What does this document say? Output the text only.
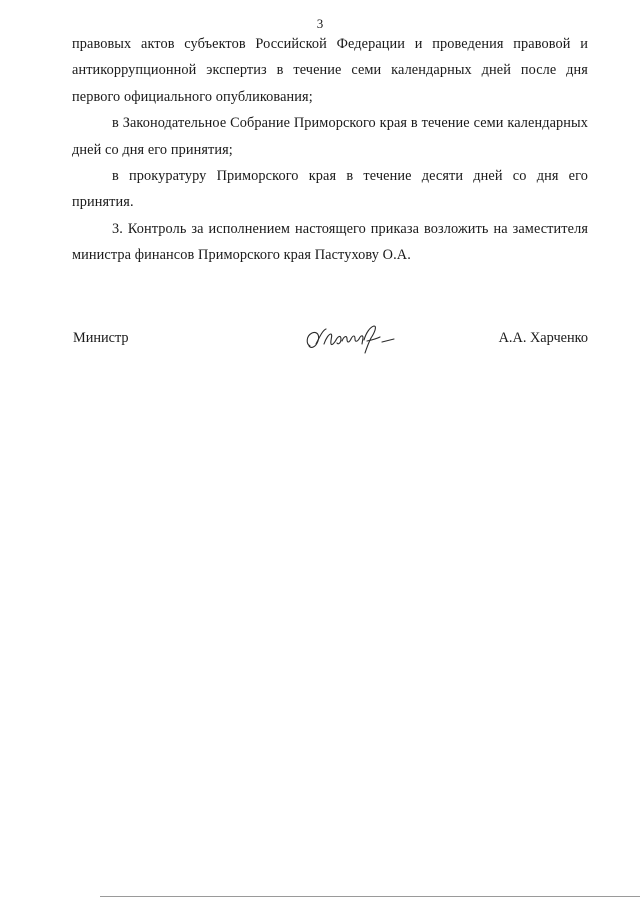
3

правовых актов субъектов Российской Федерации и проведения правовой и антикоррупционной экспертиз в течение семи календарных дней после дня первого официального опубликования;

в Законодательное Собрание Приморского края в течение семи календарных дней со дня его принятия;

в прокуратуру Приморского края в течение десяти дней со дня его принятия.

3. Контроль за исполнением настоящего приказа возложить на заместителя министра финансов Приморского края Пастухову О.А.

Министр	А.А. Харченко
